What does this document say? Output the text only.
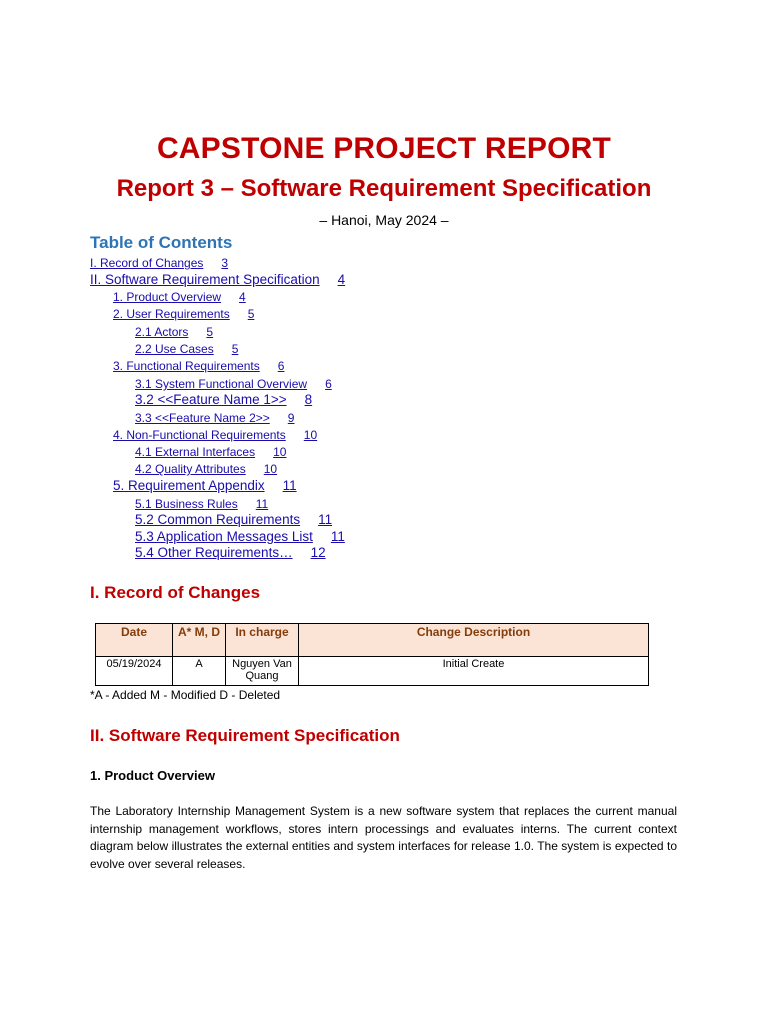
CAPSTONE PROJECT REPORT
Report 3 – Software Requirement Specification
– Hanoi, May 2024 –
Table of Contents
I. Record of Changes 3
II. Software Requirement Specification 4
1. Product Overview 4
2. User Requirements 5
2.1 Actors 5
2.2 Use Cases 5
3. Functional Requirements 6
3.1 System Functional Overview 6
3.2 <<Feature Name 1>> 8
3.3 <<Feature Name 2>> 9
4. Non-Functional Requirements 10
4.1 External Interfaces 10
4.2 Quality Attributes 10
5. Requirement Appendix 11
5.1 Business Rules 11
5.2 Common Requirements 11
5.3 Application Messages List 11
5.4 Other Requirements… 12
I. Record of Changes
Date	A* M, D	In charge	Change Description
05/19/2024	A	Nguyen Van Quang	Initial Create
*A - Added M - Modified D - Deleted
II. Software Requirement Specification
1. Product Overview
The Laboratory Internship Management System is a new software system that replaces the current manual internship management workflows, stores intern processings and evaluates interns. The current context diagram below illustrates the external entities and system interfaces for release 1.0. The system is expected to evolve over several releases.
